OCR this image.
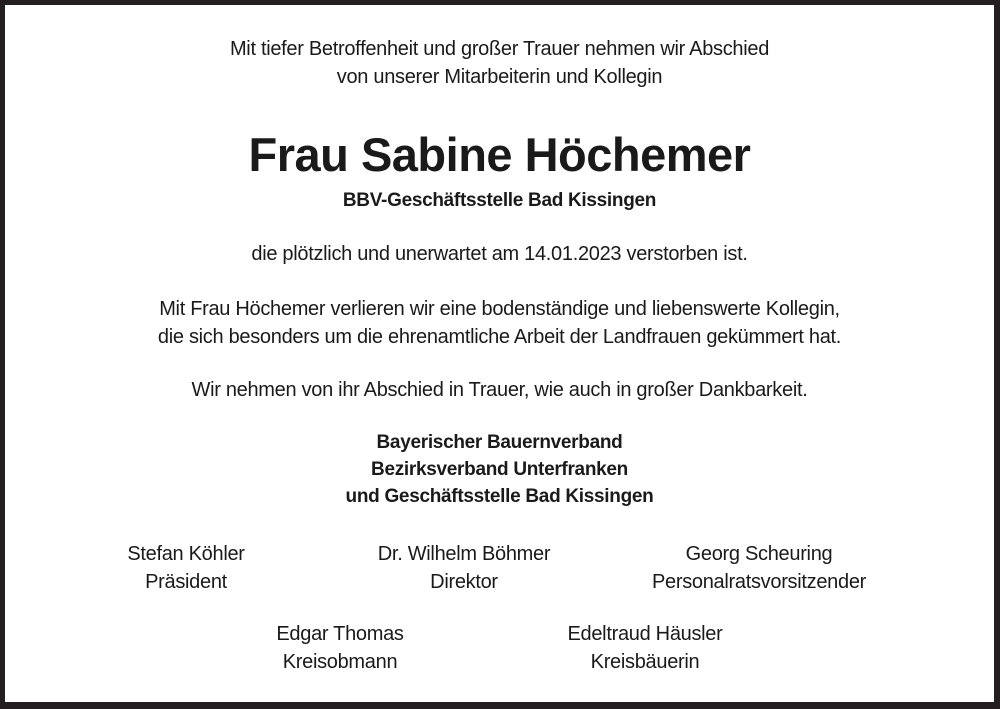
Mit tiefer Betroffenheit und großer Trauer nehmen wir Abschied
von unserer Mitarbeiterin und Kollegin
Frau Sabine Höchemer
BBV-Geschäftsstelle Bad Kissingen
die plötzlich und unerwartet am 14.01.2023 verstorben ist.
Mit Frau Höchemer verlieren wir eine bodenständige und liebenswerte Kollegin,
die sich besonders um die ehrenamtliche Arbeit der Landfrauen gekümmert hat.
Wir nehmen von ihr Abschied in Trauer, wie auch in großer Dankbarkeit.
Bayerischer Bauernverband
Bezirksverband Unterfranken
und Geschäftsstelle Bad Kissingen
Stefan Köhler
Präsident
Dr. Wilhelm Böhmer
Direktor
Georg Scheuring
Personalratsvorsitzender
Edgar Thomas
Kreisobmann
Edeltraud Häusler
Kreisbäuerin
